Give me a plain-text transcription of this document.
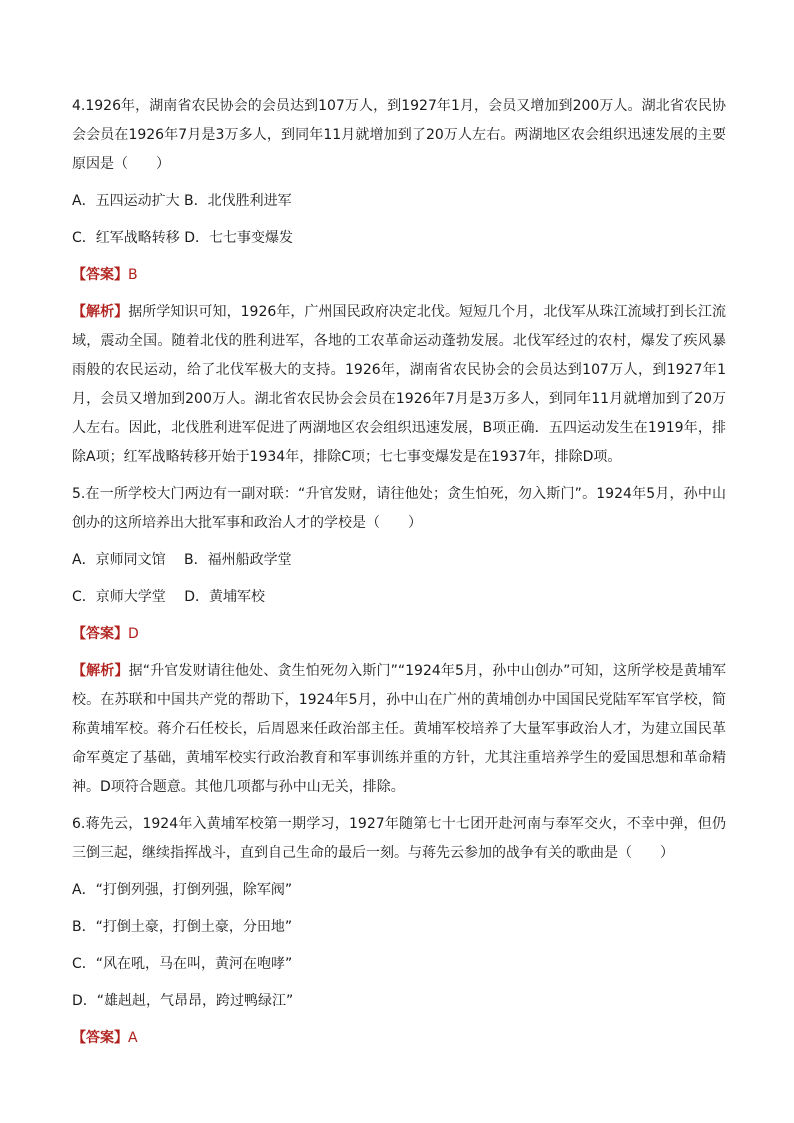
4.1926年，湖南省农民协会的会员达到107万人，到1927年1月，会员又增加到200万人。湖北省农民协会会员在1926年7月是3万多人，到同年11月就增加到了20万人左右。两湖地区农会组织迅速发展的主要原因是（　　）

A．五四运动扩大 B．北伐胜利进军

C．红军战略转移 D．七七事变爆发

【答案】B

【解析】据所学知识可知，1926年，广州国民政府决定北伐。短短几个月，北伐军从珠江流域打到长江流域，震动全国。随着北伐的胜利进军，各地的工农革命运动蓬勃发展。北伐军经过的农村，爆发了疾风暴雨般的农民运动，给了北伐军极大的支持。1926年，湖南省农民协会的会员达到107万人，到1927年1月，会员又增加到200万人。湖北省农民协会会员在1926年7月是3万多人，到同年11月就增加到了20万人左右。因此，北伐胜利进军促进了两湖地区农会组织迅速发展，B项正确．五四运动发生在1919年，排除A项；红军战略转移开始于1934年，排除C项；七七事变爆发是在1937年，排除D项。

5.在一所学校大门两边有一副对联：“升官发财，请往他处；贪生怕死，勿入斯门”。1924年5月，孙中山创办的这所培养出大批军事和政治人才的学校是（　　）

A．京师同文馆　 B．福州船政学堂

C．京师大学堂　 D．黄埔军校

【答案】D

【解析】据“升官发财请往他处、贪生怕死勿入斯门”“1924年5月，孙中山创办”可知，这所学校是黄埔军校。在苏联和中国共产党的帮助下，1924年5月，孙中山在广州的黄埔创办中国国民党陆军军官学校，简称黄埔军校。蒋介石任校长，后周恩来任政治部主任。黄埔军校培养了大量军事政治人才，为建立国民革命军奠定了基础，黄埔军校实行政治教育和军事训练并重的方针，尤其注重培养学生的爱国思想和革命精神。D项符合题意。其他几项都与孙中山无关，排除。

6.蒋先云，1924年入黄埔军校第一期学习，1927年随第七十七团开赴河南与奉军交火，不幸中弹，但仍三倒三起，继续指挥战斗，直到自己生命的最后一刻。与蒋先云参加的战争有关的歌曲是（　　）

A．“打倒列强，打倒列强，除军阀”

B．“打倒土豪，打倒土豪，分田地”

C．“风在吼，马在叫，黄河在咆哮”

D．“雄赳赳，气昂昂，跨过鸭绿江”

【答案】A
